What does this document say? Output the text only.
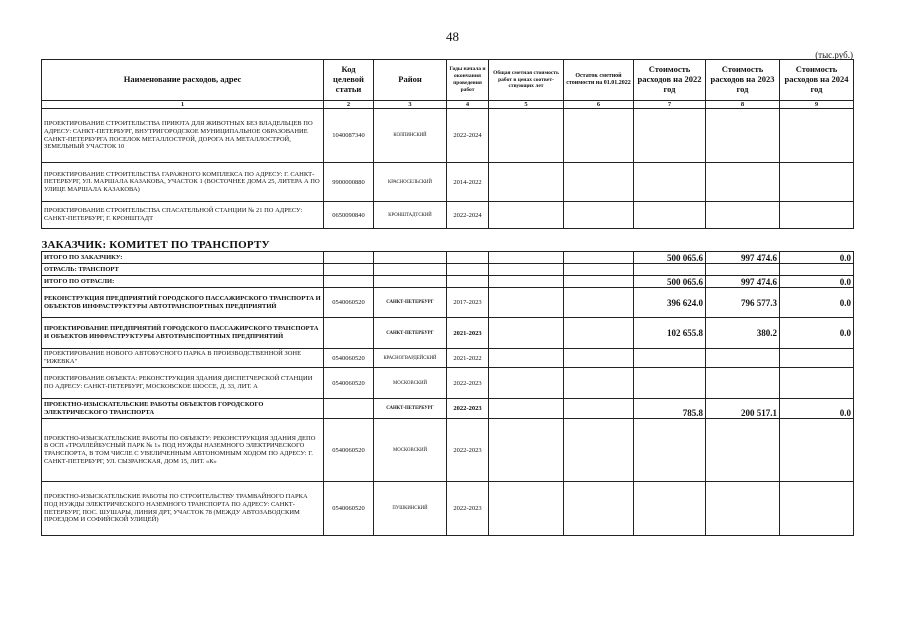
48
(тыс.руб.)
Наименование расходов, адрес	Код целевой статьи	Район	Годы начала и окончания проведения работ	Общая сметная стоимость работ в ценах соответ-ствующих лет	Остаток сметной стоимости на 01.01.2022	Стоимость расходов на 2022 год	Стоимость расходов на 2023 год	Стоимость расходов на 2024 год
1	2	3	4	5	6	7	8	9
ПРОЕКТИРОВАНИЕ СТРОИТЕЛЬСТВА ПРИЮТА ДЛЯ ЖИВОТНЫХ БЕЗ ВЛАДЕЛЬЦЕВ ПО АДРЕСУ: САНКТ-ПЕТЕРБУРГ, ВНУТРИГОРОДСКОЕ МУНИЦИПАЛЬНОЕ ОБРАЗОВАНИЕ САНКТ-ПЕТЕРБУРГА ПОСЕЛОК МЕТАЛЛОСТРОЙ, ДОРОГА НА МЕТАЛЛОСТРОЙ, ЗЕМЕЛЬНЫЙ УЧАСТОК 10	1040087340	КОЛПИНСКИЙ	2022-2024					
ПРОЕКТИРОВАНИЕ СТРОИТЕЛЬСТВА ГАРАЖНОГО КОМПЛЕКСА ПО АДРЕСУ: Г. САНКТ-ПЕТЕРБУРГ, УЛ. МАРШАЛА КАЗАКОВА, УЧАСТОК 1 (ВОСТОЧНЕЕ ДОМА 25, ЛИТЕРА А ПО УЛИЦЕ МАРШАЛА КАЗАКОВА)	9900000880	КРАСНОСЕЛЬСКИЙ	2014-2022					
ПРОЕКТИРОВАНИЕ СТРОИТЕЛЬСТВА СПАСАТЕЛЬНОЙ СТАНЦИИ № 21 ПО АДРЕСУ: САНКТ-ПЕТЕРБУРГ, Г. КРОНШТАДТ	0650090840	КРОНШТАДТСКИЙ	2022-2024					
ЗАКАЗЧИК: КОМИТЕТ ПО ТРАНСПОРТУ								
ИТОГО ПО ЗАКАЗЧИКУ:						500 065.6	997 474.6	0.0
ОТРАСЛЬ: ТРАНСПОРТ								
ИТОГО ПО ОТРАСЛИ:						500 065.6	997 474.6	0.0
РЕКОНСТРУКЦИЯ ПРЕДПРИЯТИЙ ГОРОДСКОГО ПАССАЖИРСКОГО ТРАНСПОРТА И ОБЪЕКТОВ ИНФРАСТРУКТУРЫ АВТОТРАНСПОРТНЫХ ПРЕДПРИЯТИЙ	0540060520	САНКТ-ПЕТЕРБУРГ	2017-2023			396 624.0	796 577.3	0.0
ПРОЕКТИРОВАНИЕ ПРЕДПРИЯТИЙ ГОРОДСКОГО ПАССАЖИРСКОГО ТРАНСПОРТА И ОБЪЕКТОВ ИНФРАСТРУКТУРЫ АВТОТРАНСПОРТНЫХ ПРЕДПРИЯТИЙ		САНКТ-ПЕТЕРБУРГ	2021-2023			102 655.8	380.2	0.0
ПРОЕКТИРОВАНИЕ НОВОГО АВТОБУСНОГО ПАРКА В ПРОИЗВОДСТВЕННОЙ ЗОНЕ "ИЖЕВКА"	0540060520	КРАСНОГВАРДЕЙСКИЙ	2021-2022					
ПРОЕКТИРОВАНИЕ ОБЪЕКТА: РЕКОНСТРУКЦИЯ ЗДАНИЯ ДИСПЕТЧЕРСКОЙ СТАНЦИИ ПО АДРЕСУ: САНКТ-ПЕТЕРБУРГ, МОСКОВСКОЕ ШОССЕ, Д. 33, ЛИТ. А	0540060520	МОСКОВСКИЙ	2022-2023					
ПРОЕКТНО-ИЗЫСКАТЕЛЬСКИЕ РАБОТЫ ОБЪЕКТОВ ГОРОДСКОГО ЭЛЕКТРИЧЕСКОГО ТРАНСПОРТА		САНКТ-ПЕТЕРБУРГ	2022-2023			785.8	200 517.1	0.0
ПРОЕКТНО-ИЗЫСКАТЕЛЬСКИЕ РАБОТЫ ПО ОБЪЕКТУ: РЕКОНСТРУКЦИЯ ЗДАНИЯ ДЕПО В ОСП «ТРОЛЛЕЙБУСНЫЙ ПАРК № 1» ПОД НУЖДЫ НАЗЕМНОГО ЭЛЕКТРИЧЕСКОГО ТРАНСПОРТА, В ТОМ ЧИСЛЕ С УВЕЛИЧЕННЫМ АВТОНОМНЫМ ХОДОМ ПО АДРЕСУ: Г. САНКТ-ПЕТЕРБУРГ, УЛ. СЫЗРАНСКАЯ, ДОМ 15, ЛИТ. «К»	0540060520	МОСКОВСКИЙ	2022-2023					
ПРОЕКТНО-ИЗЫСКАТЕЛЬСКИЕ РАБОТЫ ПО СТРОИТЕЛЬСТВУ ТРАМВАЙНОГО ПАРКА ПОД НУЖДЫ ЭЛЕКТРИЧЕСКОГО НАЗЕМНОГО ТРАНСПОРТА ПО АДРЕСУ: САНКТ-ПЕТЕРБУРГ, ПОС. ШУШАРЫ, ЛИНИЯ ДРТ, УЧАСТОК 78 (МЕЖДУ АВТОЗАВОДСКИМ ПРОЕЗДОМ И СОФИЙСКОЙ УЛИЦЕЙ)	0540060520	ПУШКИНСКИЙ	2022-2023					
